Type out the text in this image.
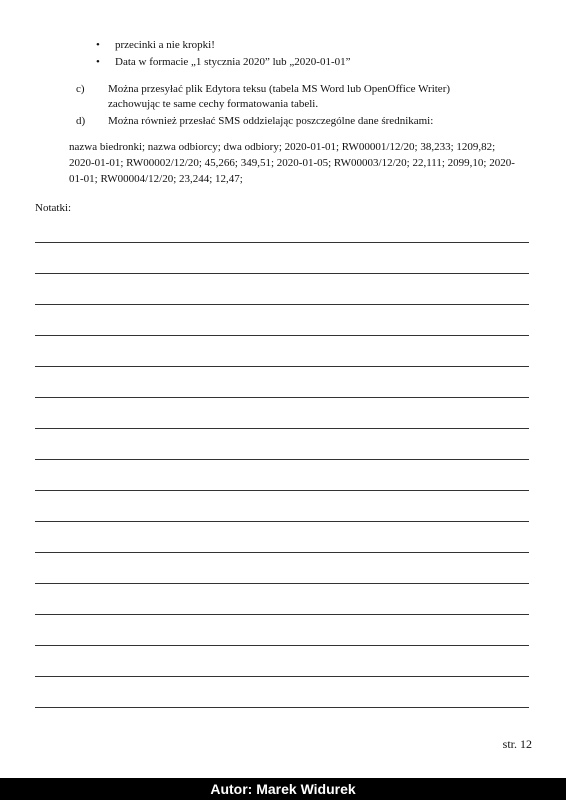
• przecinki a nie kropki!
• Data w formacie „1 stycznia 2020” lub „2020-01-01”
c)	Można przesyłać plik Edytora teksu (tabela MS Word lub OpenOffice Writer) zachowując te same cechy formatowania tabeli.
d)	Można również przesłać SMS oddzielając poszczególne dane średnikami:

nazwa biedronki; nazwa odbiorcy; dwa odbiory; 2020-01-01; RW00001/12/20; 38,233; 1209,82; 2020-01-01; RW00002/12/20; 45,266; 349,51; 2020-01-05; RW00003/12/20; 22,111; 2099,10; 2020-01-01; RW00004/12/20; 23,244; 12,47;

Notatki:
str. 12
Autor: Marek Widurek
